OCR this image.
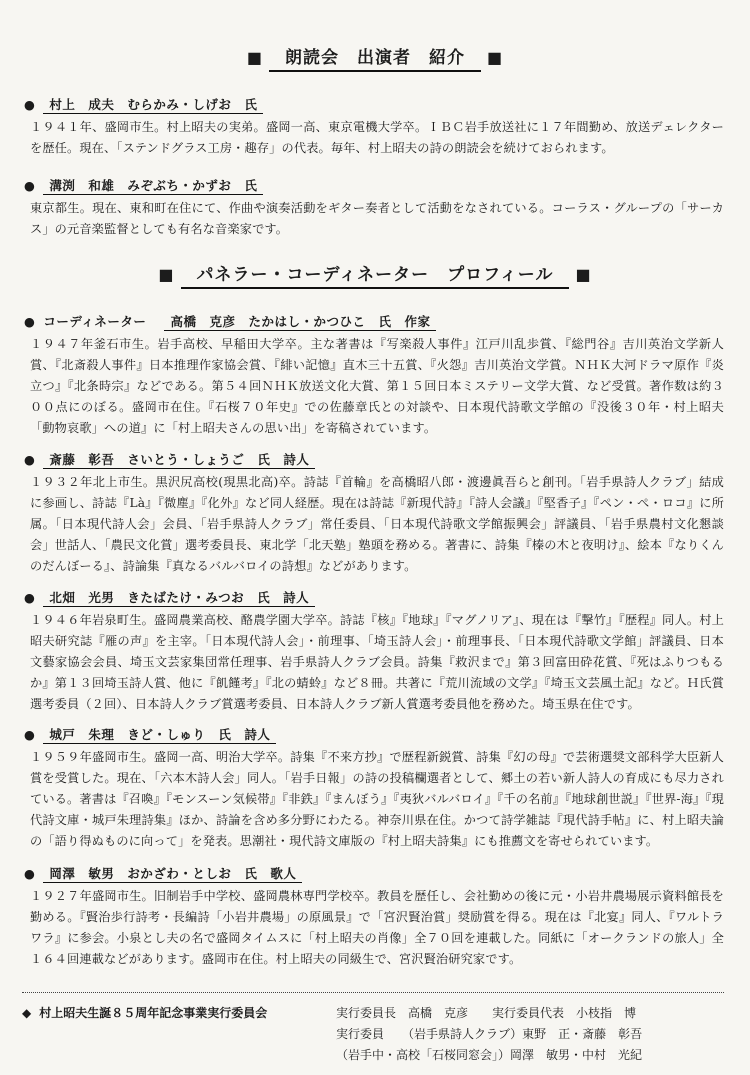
■ 朗読会　出演者　紹介 ■
● 村上　成夫　むらかみ・しげお　氏
１９４１年、盛岡市生。村上昭夫の実弟。盛岡一高、東京電機大学卒。ＩＢＣ岩手放送社に１７年間勤め、放送デェレクターを歴任。現在、「ステンドグラス工房・趣存」の代表。毎年、村上昭夫の詩の朗読会を続けておられます。
● 溝渕　和雄　みぞぶち・かずお　氏
東京都生。現在、東和町在住にて、作曲や演奏活動をギター奏者として活動をなされている。コーラス・グループの「サーカス」の元音楽監督としても有名な音楽家です。
■ パネラー・コーディネーター　プロフィール ■
● コーディネーター 高橋　克彦　たかはし・かつひこ　氏　作家
１９４７年釜石市生。岩手高校、早稲田大学卒。主な著書は『写楽殺人事件』江戸川乱歩賞、『総門谷』吉川英治文学新人賞、『北斎殺人事件』日本推理作家協会賞、『緋い記憶』直木三十五賞、『火怨』吉川英治文学賞。ＮＨＫ大河ドラマ原作『炎立つ』『北条時宗』などである。第５４回ＮＨＫ放送文化大賞、第１５回日本ミステリー文学大賞、など受賞。著作数は約３００点にのぼる。盛岡市在住。『石桜７０年史』での佐藤章氏との対談や、日本現代詩歌文学館の『没後３０年・村上昭夫「動物哀歌」への道』に「村上昭夫さんの思い出」を寄稿されています。
● 斎藤　彰吾　さいとう・しょうご　氏　詩人
１９３２年北上市生。黒沢尻高校(現黒北高)卒。詩誌『首輪』を高橋昭八郎・渡邊眞吾らと創刊。「岩手県詩人クラブ」結成に参画し、詩誌『Là』『微塵』『化外』など同人経歴。現在は詩誌『新現代詩』『詩人会議』『堅香子』『ペン・ぺ・ロコ』に所属。「日本現代詩人会」会員、「岩手県詩人クラブ」常任委員、「日本現代詩歌文学館振興会」評議員、「岩手県農村文化懇談会」世話人、「農民文化賞」選考委員長、東北学「北天塾」塾頭を務める。著書に、詩集『榛の木と夜明け』、絵本『なりくんのだんぼーる』、詩論集『真なるバルバロイの詩想』などがあります。
● 北畑　光男　きたばたけ・みつお　氏　詩人
１９４６年岩泉町生。盛岡農業高校、酪農学園大学卒。詩誌『核』『地球』『マグノリア』、現在は『撃竹』『歴程』同人。村上昭夫研究誌『雁の声』を主宰。「日本現代詩人会」・前理事、「埼玉詩人会」・前理事長、「日本現代詩歌文学館」評議員、日本文藝家協会会員、埼玉文芸家集団常任理事、岩手県詩人クラブ会員。詩集『救沢まで』第３回富田砕花賞、『死はふりつもるか』第１３回埼玉詩人賞、他に『飢饉考』『北の蜻蛉』など８冊。共著に『荒川流域の文学』『埼玉文芸風土記』など。Ｈ氏賞選考委員（２回）、日本詩人クラブ賞選考委員、日本詩人クラブ新人賞選考委員他を務めた。埼玉県在住です。
● 城戸　朱理　きど・しゅり　氏　詩人
１９５９年盛岡市生。盛岡一高、明治大学卒。詩集『不来方抄』で歴程新鋭賞、詩集『幻の母』で芸術選奨文部科学大臣新人賞を受賞した。現在、「六本木詩人会」同人。「岩手日報」の詩の投稿欄選者として、郷土の若い新人詩人の育成にも尽力されている。著書は『召喚』『モンスーン気候帯』『非鉄』『まんぼう』『夷狄バルバロイ』『千の名前』『地球創世説』『世界-海』『現代詩文庫・城戸朱理詩集』ほか、詩論を含め多分野にわたる。神奈川県在住。かつて詩学雑誌『現代詩手帖』に、村上昭夫論の「語り得ぬものに向って」を発表。思潮社・現代詩文庫版の『村上昭夫詩集』にも推薦文を寄せられています。
● 岡澤　敏男　おかざわ・としお　氏　歌人
１９２７年盛岡市生。旧制岩手中学校、盛岡農林専門学校卒。教員を歴任し、会社勤めの後に元・小岩井農場展示資料館長を勤める。『賢治歩行詩考・長編詩「小岩井農場」の原風景』で「宮沢賢治賞」奨励賞を得る。現在は『北宴』同人、『ワルトラワラ』に参会。小泉とし夫の名で盛岡タイムスに「村上昭夫の肖像」全７０回を連載した。同紙に「オークランドの旅人」全１６４回連載などがあります。盛岡市在住。村上昭夫の同級生で、宮沢賢治研究家です。
◆ 村上昭夫生誕８５周年記念事業実行委員会	実行委員長　高橋　克彦　　実行委員代表　小枝指　博
実行委員　　（岩手県詩人クラブ）東野　正・斎藤　彰吾
（岩手中・高校「石桜同窓会」）岡澤　敏男・中村　光紀
